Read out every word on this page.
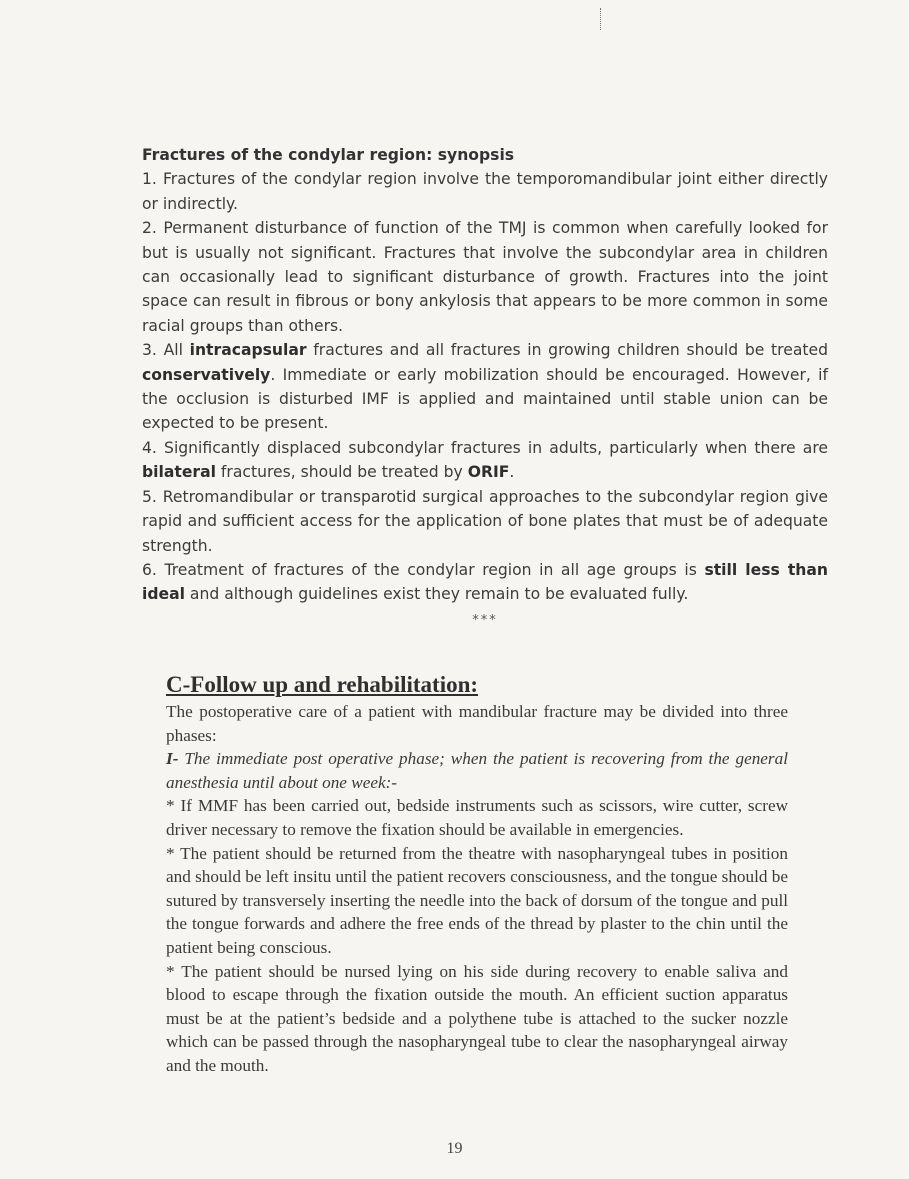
Fractures of the condylar region: synopsis

1. Fractures of the condylar region involve the temporomandibular joint either directly or indirectly.

2. Permanent disturbance of function of the TMJ is common when carefully looked for but is usually not significant. Fractures that involve the subcondylar area in children can occasionally lead to significant disturbance of growth. Fractures into the joint space can result in fibrous or bony ankylosis that appears to be more common in some racial groups than others.

3. All intracapsular fractures and all fractures in growing children should be treated conservatively. Immediate or early mobilization should be encouraged. However, if the occlusion is disturbed IMF is applied and maintained until stable union can be expected to be present.

4. Significantly displaced subcondylar fractures in adults, particularly when there are bilateral fractures, should be treated by ORIF.

5. Retromandibular or transparotid surgical approaches to the subcondylar region give rapid and sufficient access for the application of bone plates that must be of adequate strength.

6. Treatment of fractures of the condylar region in all age groups is still less than ideal and although guidelines exist they remain to be evaluated fully.

***
C-Follow up and rehabilitation:

The postoperative care of a patient with mandibular fracture may be divided into three phases:

I- The immediate post operative phase; when the patient is recovering from the general anesthesia until about one week:-

* If MMF has been carried out, bedside instruments such as scissors, wire cutter, screw driver necessary to remove the fixation should be available in emergencies.

* The patient should be returned from the theatre with nasopharyngeal tubes in position and should be left insitu until the patient recovers consciousness, and the tongue should be sutured by transversely inserting the needle into the back of dorsum of the tongue and pull the tongue forwards and adhere the free ends of the thread by plaster to the chin until the patient being conscious.

* The patient should be nursed lying on his side during recovery to enable saliva and blood to escape through the fixation outside the mouth. An efficient suction apparatus must be at the patient’s bedside and a polythene tube is attached to the sucker nozzle which can be passed through the nasopharyngeal tube to clear the nasopharyngeal airway and the mouth.

19
